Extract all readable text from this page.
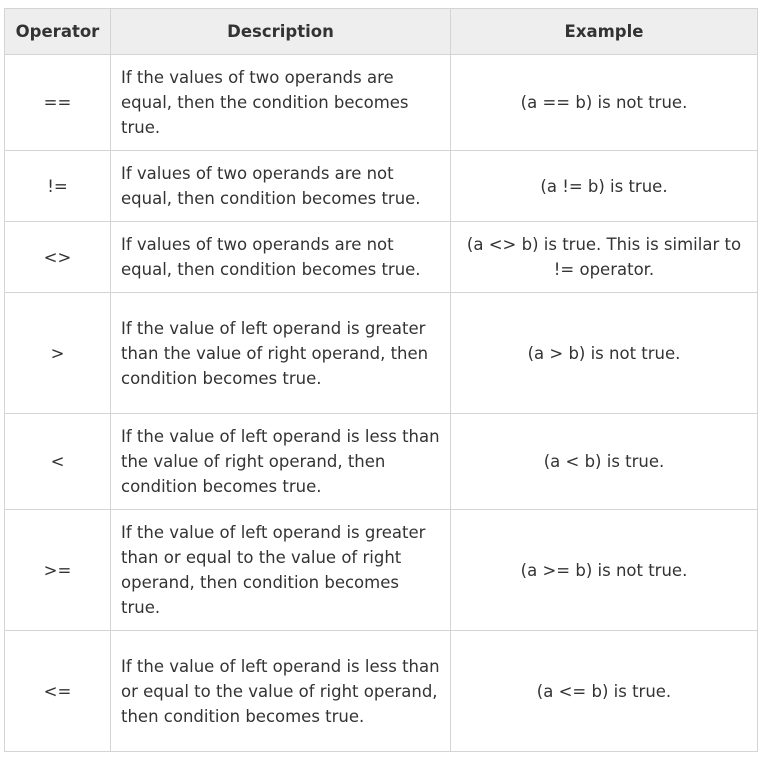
Operator	Description	Example
==	If the values of two operands are equal, then the condition becomes true.	(a == b) is not true.
!=	If values of two operands are not equal, then condition becomes true.	(a != b) is true.
<>	If values of two operands are not equal, then condition becomes true.	(a <> b) is true. This is similar to != operator.
>	If the value of left operand is greater than the value of right operand, then condition becomes true.	(a > b) is not true.
<	If the value of left operand is less than the value of right operand, then condition becomes true.	(a < b) is true.
>=	If the value of left operand is greater than or equal to the value of right operand, then condition becomes true.	(a >= b) is not true.
<=	If the value of left operand is less than or equal to the value of right operand, then condition becomes true.	(a <= b) is true.
